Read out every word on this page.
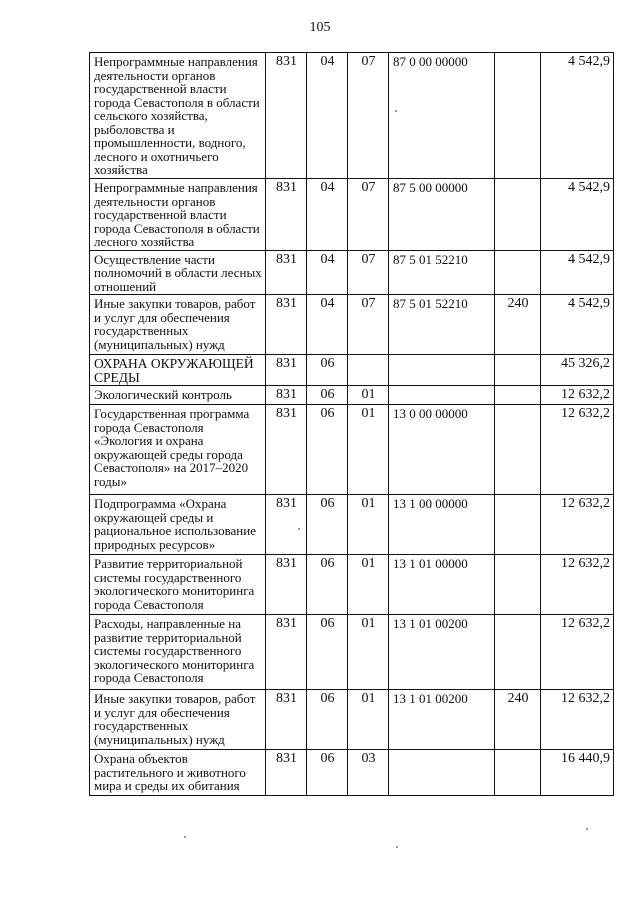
105
Непрограммные направления деятельности органов государственной власти города Севастополя в области сельского хозяйства, рыболовства и промышленности, водного, лесного и охотничьего хозяйства	831	04	07	87 0 00 00000		4 542,9
Непрограммные направления деятельности органов государственной власти города Севастополя в области лесного хозяйства	831	04	07	87 5 00 00000		4 542,9
Осуществление части полномочий в области лесных отношений	831	04	07	87 5 01 52210		4 542,9
Иные закупки товаров, работ и услуг для обеспечения государственных (муниципальных) нужд	831	04	07	87 5 01 52210	240	4 542,9
ОХРАНА ОКРУЖАЮЩЕЙ СРЕДЫ	831	06				45 326,2
Экологический контроль	831	06	01			12 632,2
Государственная программа города Севастополя «Экология и охрана окружающей среды города Севастополя» на 2017–2020 годы»	831	06	01	13 0 00 00000		12 632,2
Подпрограмма «Охрана окружающей среды и рациональное использование природных ресурсов»	831	06	01	13 1 00 00000		12 632,2
Развитие территориальной системы государственного экологического мониторинга города Севастополя	831	06	01	13 1 01 00000		12 632,2
Расходы, направленные на развитие территориальной системы государственного экологического мониторинга города Севастополя	831	06	01	13 1 01 00200		12 632,2
Иные закупки товаров, работ и услуг для обеспечения государственных (муниципальных) нужд	831	06	01	13 1 01 00200	240	12 632,2
Охрана объектов растительного и животного мира и среды их обитания	831	06	03			16 440,9
